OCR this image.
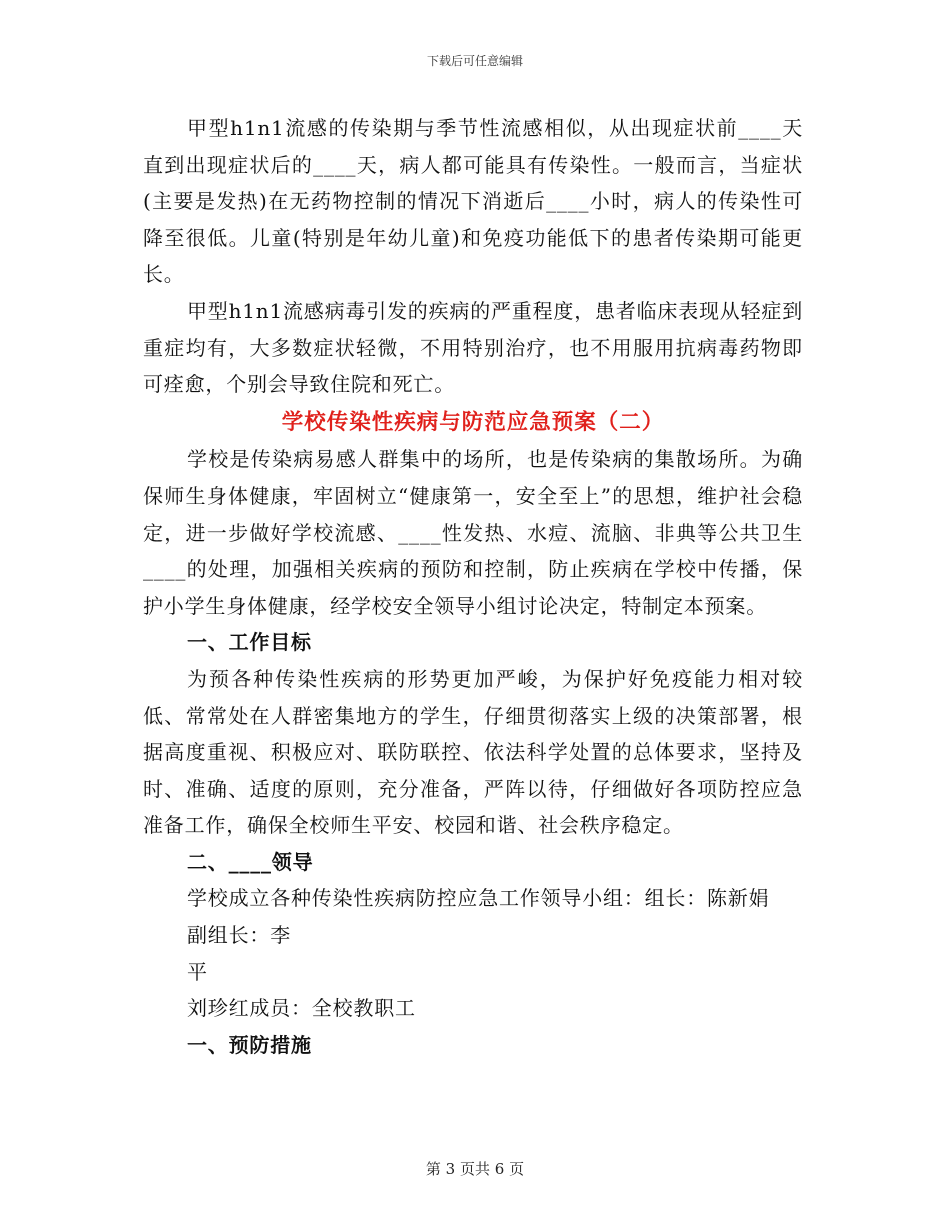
下载后可任意编辑

甲型h1n1流感的传染期与季节性流感相似，从出现症状前____天直到出现症状后的____天，病人都可能具有传染性。一般而言，当症状(主要是发热)在无药物控制的情况下消逝后____小时，病人的传染性可降至很低。儿童(特别是年幼儿童)和免疫功能低下的患者传染期可能更长。

甲型h1n1流感病毒引发的疾病的严重程度，患者临床表现从轻症到重症均有，大多数症状轻微，不用特别治疗，也不用服用抗病毒药物即可痊愈，个别会导致住院和死亡。

学校传染性疾病与防范应急预案（二）

学校是传染病易感人群集中的场所，也是传染病的集散场所。为确保师生身体健康，牢固树立“健康第一，安全至上”的思想，维护社会稳定，进一步做好学校流感、____性发热、水痘、流脑、非典等公共卫生____的处理，加强相关疾病的预防和控制，防止疾病在学校中传播，保护小学生身体健康，经学校安全领导小组讨论决定，特制定本预案。

一、工作目标

为预各种传染性疾病的形势更加严峻，为保护好免疫能力相对较低、常常处在人群密集地方的学生，仔细贯彻落实上级的决策部署，根据高度重视、积极应对、联防联控、依法科学处置的总体要求，坚持及时、准确、适度的原则，充分准备，严阵以待，仔细做好各项防控应急准备工作，确保全校师生平安、校园和谐、社会秩序稳定。

二、____领导

学校成立各种传染性疾病防控应急工作领导小组：组长：陈新娟

副组长：李

平

刘珍红成员：全校教职工

一、预防措施

第 3 页共 6 页
